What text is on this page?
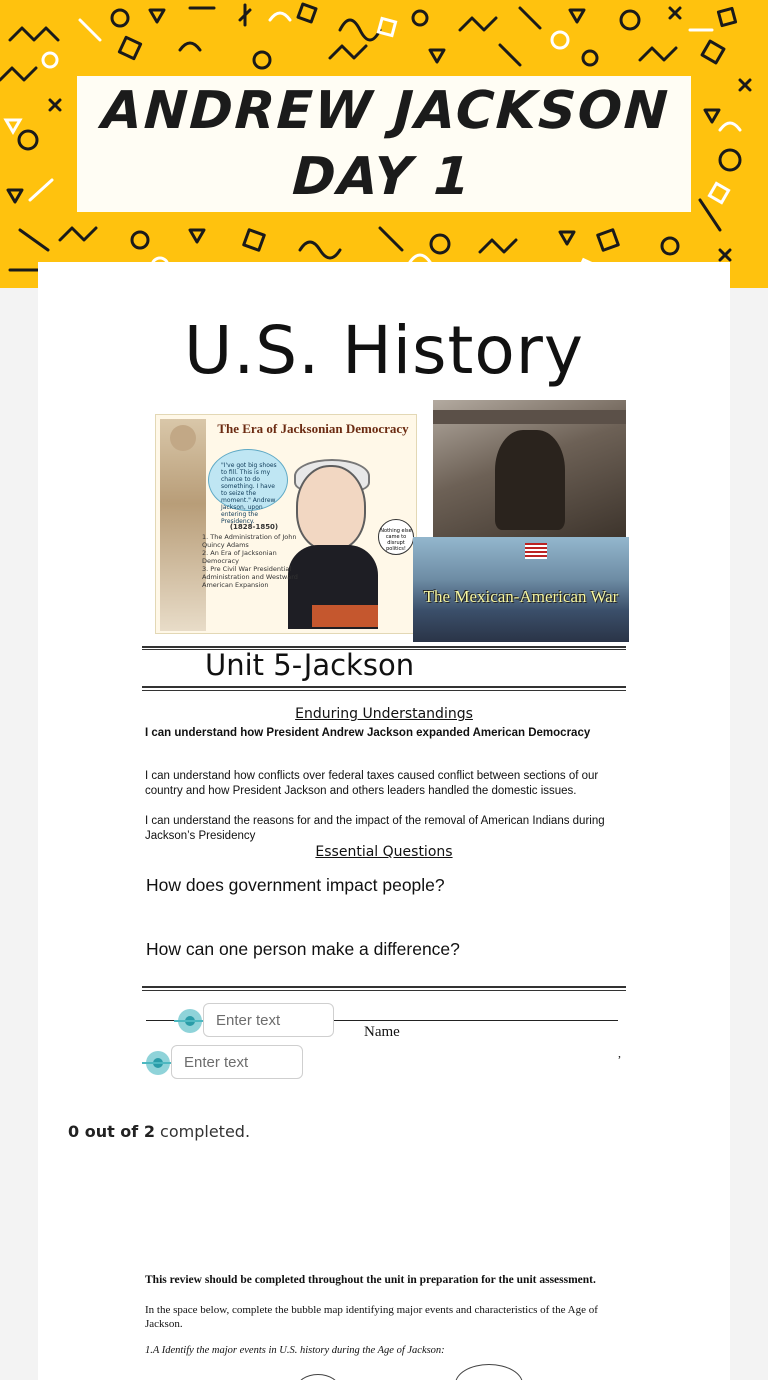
ANDREW JACKSON DAY 1
U.S. History
The Era of Jacksonian Democracy
"I've got big shoes to fill. This is my chance to do something. I have to seize the moment." Andrew Jackson, upon entering the Presidency.
(1828-1850)
1. The Administration of John Quincy Adams
2. An Era of Jacksonian Democracy
3. Pre Civil War Presidential Administration and Westward American Expansion
Nothing else came to disrupt politics!
The Mexican-American War
Unit 5-Jackson
Enduring Understandings
I can understand how President Andrew Jackson expanded American Democracy
I can understand how conflicts over federal taxes caused conflict between sections of our country and how President Jackson and others leaders handled the domestic issues.
I can understand the reasons for and the impact of the removal of American Indians during Jackson’s Presidency
Essential Questions
How does government impact people?
How can one person make a difference?
Name
,
Enter text
Enter text
0 out of 2 completed.
This review should be completed throughout the unit in preparation for the unit assessment.
In the space below, complete the bubble map identifying major events and characteristics of the Age of Jackson.
1.A Identify the major events in U.S. history during the Age of Jackson:
